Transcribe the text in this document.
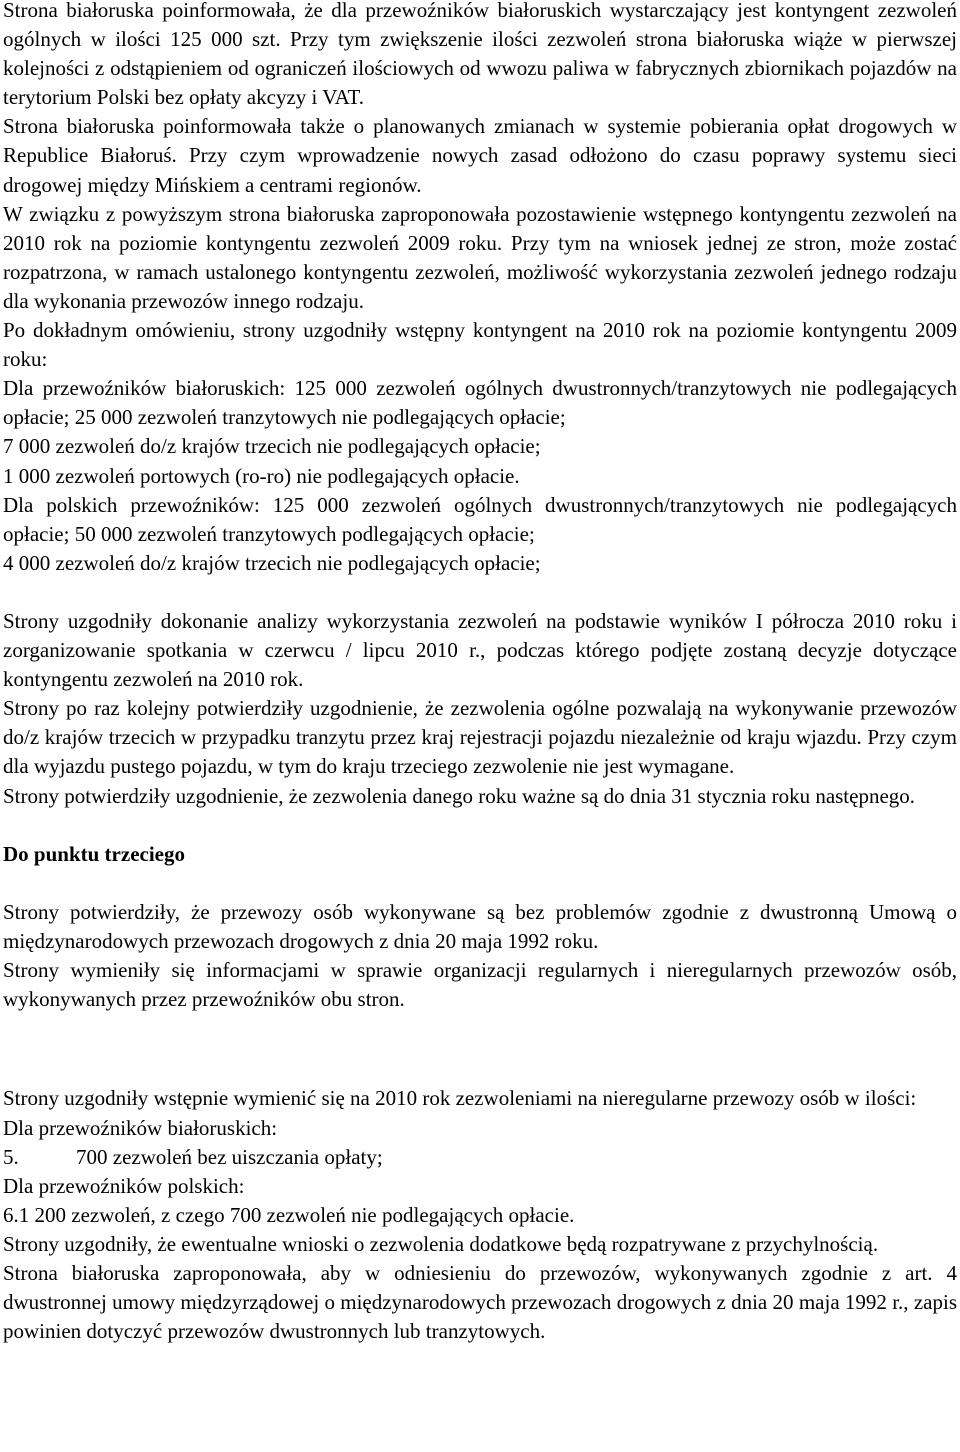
Strona białoruska poinformowała, że dla przewoźników białoruskich wystarczający jest kontyngent zezwoleń ogólnych w ilości 125 000 szt. Przy tym zwiększenie ilości zezwoleń strona białoruska wiąże w pierwszej kolejności z odstąpieniem od ograniczeń ilościowych od wwozu paliwa w fabrycznych zbiornikach pojazdów na terytorium Polski bez opłaty akcyzy i VAT.

Strona białoruska poinformowała także o planowanych zmianach w systemie pobierania opłat drogowych w Republice Białoruś. Przy czym wprowadzenie nowych zasad odłożono do czasu poprawy systemu sieci drogowej między Mińskiem a centrami regionów.

W związku z powyższym strona białoruska zaproponowała pozostawienie wstępnego kontyngentu zezwoleń na 2010 rok na poziomie kontyngentu zezwoleń 2009 roku. Przy tym na wniosek jednej ze stron, może zostać rozpatrzona, w ramach ustalonego kontyngentu zezwoleń, możliwość wykorzystania zezwoleń jednego rodzaju dla wykonania przewozów innego rodzaju.

Po dokładnym omówieniu, strony uzgodniły wstępny kontyngent na 2010 rok na poziomie kontyngentu 2009 roku:

Dla przewoźników białoruskich: 125 000 zezwoleń ogólnych dwustronnych/tranzytowych nie podlegających opłacie; 25 000 zezwoleń tranzytowych nie podlegających opłacie;

7 000 zezwoleń do/z krajów trzecich nie podlegających opłacie;

1 000 zezwoleń portowych (ro-ro) nie podlegających opłacie.

Dla polskich przewoźników: 125 000 zezwoleń ogólnych dwustronnych/tranzytowych nie podlegających opłacie; 50 000 zezwoleń tranzytowych podlegających opłacie;

4 000 zezwoleń do/z krajów trzecich nie podlegających opłacie;

Strony uzgodniły dokonanie analizy wykorzystania zezwoleń na podstawie wyników I półrocza 2010 roku i zorganizowanie spotkania w czerwcu / lipcu 2010 r., podczas którego podjęte zostaną decyzje dotyczące kontyngentu zezwoleń na 2010 rok.

Strony po raz kolejny potwierdziły uzgodnienie, że zezwolenia ogólne pozwalają na wykonywanie przewozów do/z krajów trzecich w przypadku tranzytu przez kraj rejestracji pojazdu niezależnie od kraju wjazdu. Przy czym dla wyjazdu pustego pojazdu, w tym do kraju trzeciego zezwolenie nie jest wymagane.

Strony potwierdziły uzgodnienie, że zezwolenia danego roku ważne są do dnia 31 stycznia roku następnego.

Do punktu trzeciego

Strony potwierdziły, że przewozy osób wykonywane są bez problemów zgodnie z dwustronną Umową o międzynarodowych przewozach drogowych z dnia 20 maja 1992 roku.

Strony wymieniły się informacjami w sprawie organizacji regularnych i nieregularnych przewozów osób, wykonywanych przez przewoźników obu stron.

Strony uzgodniły wstępnie wymienić się na 2010 rok zezwoleniami na nieregularne przewozy osób w ilości:

Dla przewoźników białoruskich:

5.	700 zezwoleń bez uiszczania opłaty;

Dla przewoźników polskich:

6.1 200 zezwoleń, z czego 700 zezwoleń nie podlegających opłacie.

Strony uzgodniły, że ewentualne wnioski o zezwolenia dodatkowe będą rozpatrywane z przychylnością.

Strona białoruska zaproponowała, aby w odniesieniu do przewozów, wykonywanych zgodnie z art. 4 dwustronnej umowy międzyrządowej o międzynarodowych przewozach drogowych z dnia 20 maja 1992 r., zapis powinien dotyczyć przewozów dwustronnych lub tranzytowych.
